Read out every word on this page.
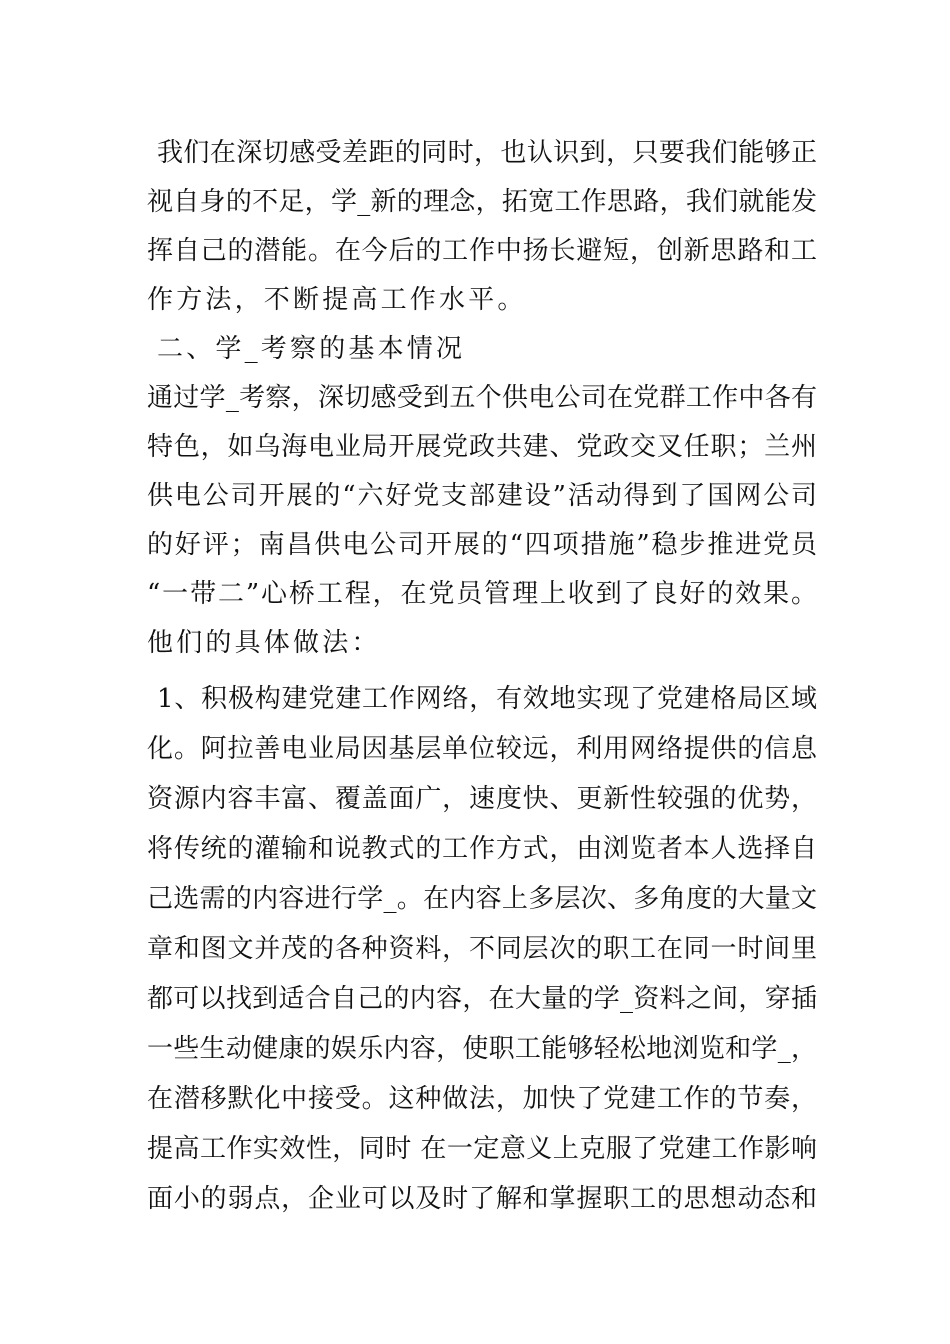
我们在深切感受差距的同时，也认识到，只要我们能够正
视自身的不足，学_新的理念，拓宽工作思路，我们就能发
挥自己的潜能。在今后的工作中扬长避短，创新思路和工
作方法，不断提高工作水平。
二、学_考察的基本情况
通过学_考察，深切感受到五个供电公司在党群工作中各有
特色，如乌海电业局开展党政共建、党政交叉任职；兰州
供电公司开展的“六好党支部建设”活动得到了国网公司
的好评；南昌供电公司开展的“四项措施”稳步推进党员
“一带二”心桥工程，在党员管理上收到了良好的效果。
他们的具体做法：
1、积极构建党建工作网络，有效地实现了党建格局区域
化。阿拉善电业局因基层单位较远，利用网络提供的信息
资源内容丰富、覆盖面广，速度快、更新性较强的优势，
将传统的灌输和说教式的工作方式，由浏览者本人选择自
己选需的内容进行学_。在内容上多层次、多角度的大量文
章和图文并茂的各种资料，不同层次的职工在同一时间里
都可以找到适合自己的内容，在大量的学_资料之间，穿插
一些生动健康的娱乐内容，使职工能够轻松地浏览和学_，
在潜移默化中接受。这种做法，加快了党建工作的节奏，
提高工作实效性，同时 在一定意义上克服了党建工作影响
面小的弱点，企业可以及时了解和掌握职工的思想动态和
